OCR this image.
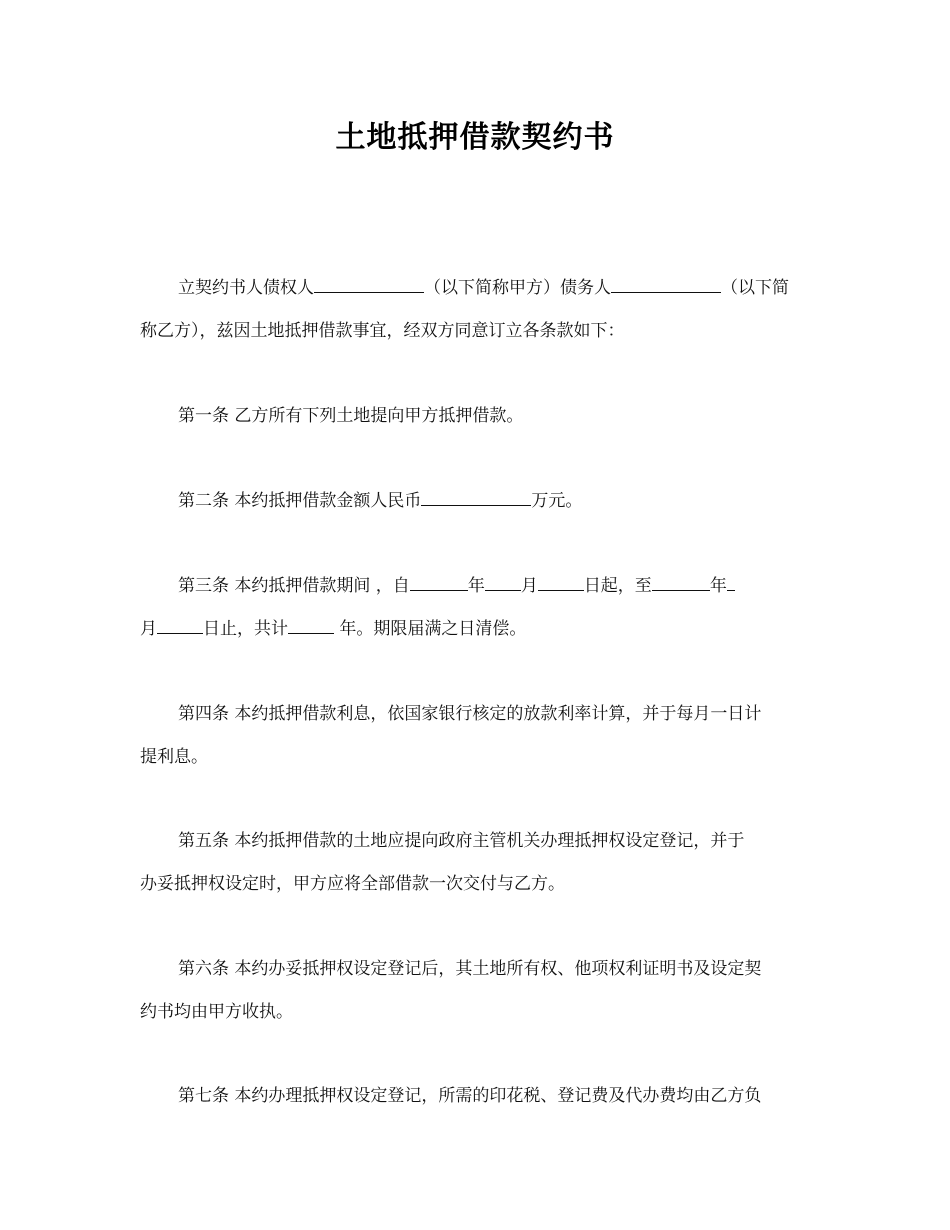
土地抵押借款契约书
立契约书人债权人	（以下简称甲方）债务人	（以下简
称乙方），兹因土地抵押借款事宜，经双方同意订立各条款如下：
第一条 乙方所有下列土地提向甲方抵押借款。
第二条 本约抵押借款金额人民币	万元。
第三条 本约抵押借款期间 ，自	年 月	日起，至	年
月	日止，共计	年。期限届满之日清偿。
第四条 本约抵押借款利息，依国家银行核定的放款利率计算，并于每月一日计
提利息。
第五条 本约抵押借款的土地应提向政府主管机关办理抵押权设定登记，并于
办妥抵押权设定时，甲方应将全部借款一次交付与乙方。
第六条 本约办妥抵押权设定登记后，其土地所有权、他项权利证明书及设定契
约书均由甲方收执。
第七条 本约办理抵押权设定登记，所需的印花税、登记费及代办费均由乙方负
